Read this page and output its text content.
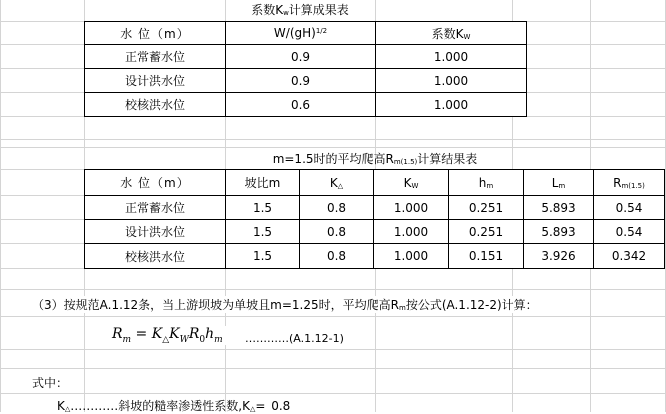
系数$K_w$计算成果表
水 位（m）	W/(gH)$^{1/2}$	系数$K_W$
正常蓄水位	0.9	1.000
设计洪水位	0.9	1.000
校核洪水位	0.6	1.000
m=1.5时的平均爬高$R_{m(1.5)}$计算结果表
水 位（m）	坡比m	$K_\triangle$	$K_W$	$h_m$	$L_m$	$R_{m(1.5)}$
正常蓄水位	1.5	0.8	1.000	0.251	5.893	0.54
设计洪水位	1.5	0.8	1.000	0.251	5.893	0.54
校核洪水位	1.5	0.8	1.000	0.151	3.926	0.342
（3）按规范A.1.12条，当上游坝坡为单坡且m=1.25时，平均爬高$R_m$按公式(A.1.12-2)计算：
$R_m = K_\triangle K_WR_0h_m$	…………(A.1.12-1)
式中：
$K_\triangle\dots\dots\dots\dots$斜坡的糙率渗透性系数$,K_\triangle= 0.8$
